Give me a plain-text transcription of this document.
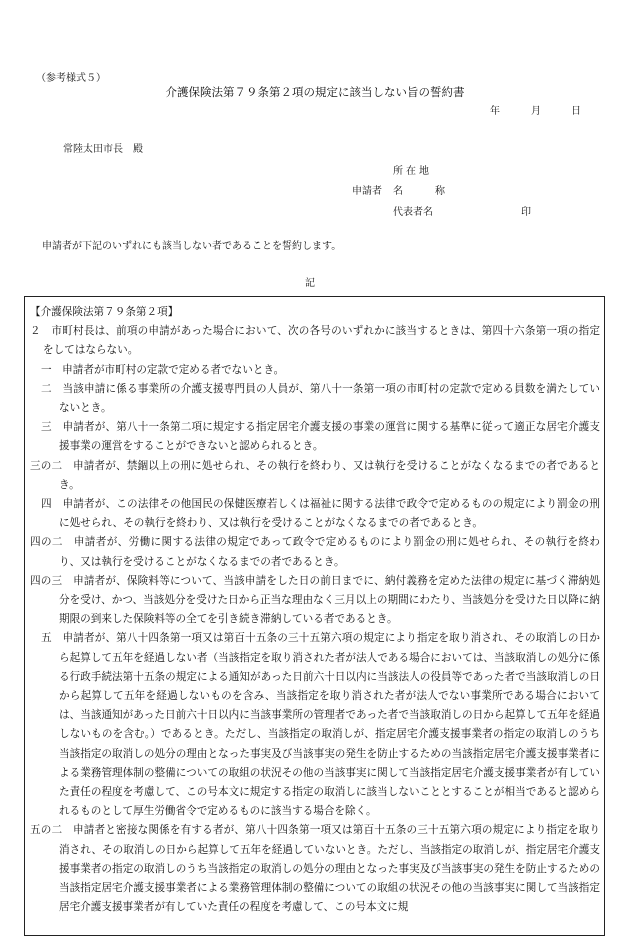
（参考様式５）
介護保険法第７９条第２項の規定に該当しない旨の誓約書
年	月	日
常陸太田市長　殿
所在地
申請者 名	称
代表者名	印
申請者が下記のいずれにも該当しない者であることを誓約します。
記

【介護保険法第７９条第２項】

２　市町村長は、前項の申請があった場合において、次の各号のいずれかに該当するときは、第四十六条第一項の指定をしてはならない。

一　申請者が市町村の定款で定める者でないとき。

二　当該申請に係る事業所の介護支援専門員の人員が、第八十一条第一項の市町村の定款で定める員数を満たしていないとき。

三　申請者が、第八十一条第二項に規定する指定居宅介護支援の事業の運営に関する基準に従って適正な居宅介護支援事業の運営をすることができないと認められるとき。

三の二　申請者が、禁錮以上の刑に処せられ、その執行を終わり、又は執行を受けることがなくなるまでの者であるとき。

四　申請者が、この法律その他国民の保健医療若しくは福祉に関する法律で政令で定めるものの規定により罰金の刑に処せられ、その執行を終わり、又は執行を受けることがなくなるまでの者であるとき。

四の二　申請者が、労働に関する法律の規定であって政令で定めるものにより罰金の刑に処せられ、その執行を終わり、又は執行を受けることがなくなるまでの者であるとき。

四の三　申請者が、保険料等について、当該申請をした日の前日までに、納付義務を定めた法律の規定に基づく滞納処分を受け、かつ、当該処分を受けた日から正当な理由なく三月以上の期間にわたり、当該処分を受けた日以降に納期限の到来した保険料等の全てを引き続き滞納している者であるとき。

五　申請者が、第八十四条第一項又は第百十五条の三十五第六項の規定により指定を取り消され、その取消しの日から起算して五年を経過しない者（当該指定を取り消された者が法人である場合においては、当該取消しの処分に係る行政手続法第十五条の規定による通知があった日前六十日以内に当該法人の役員等であった者で当該取消しの日から起算して五年を経過しないものを含み、当該指定を取り消された者が法人でない事業所である場合においては、当該通知があった日前六十日以内に当該事業所の管理者であった者で当該取消しの日から起算して五年を経過しないものを含む。）であるとき。ただし、当該指定の取消しが、指定居宅介護支援事業者の指定の取消しのうち当該指定の取消しの処分の理由となった事実及び当該事実の発生を防止するための当該指定居宅介護支援事業者による業務管理体制の整備についての取組の状況その他の当該事実に関して当該指定居宅介護支援事業者が有していた責任の程度を考慮して、この号本文に規定する指定の取消しに該当しないこととすることが相当であると認められるものとして厚生労働省令で定めるものに該当する場合を除く。

五の二　申請者と密接な関係を有する者が、第八十四条第一項又は第百十五条の三十五第六項の規定により指定を取り消され、その取消しの日から起算して五年を経過していないとき。ただし、当該指定の取消しが、指定居宅介護支援事業者の指定の取消しのうち当該指定の取消しの処分の理由となった事実及び当該事実の発生を防止するための当該指定居宅介護支援事業者による業務管理体制の整備についての取組の状況その他の当該事実に関して当該指定居宅介護支援事業者が有していた責任の程度を考慮して、この号本文に規
